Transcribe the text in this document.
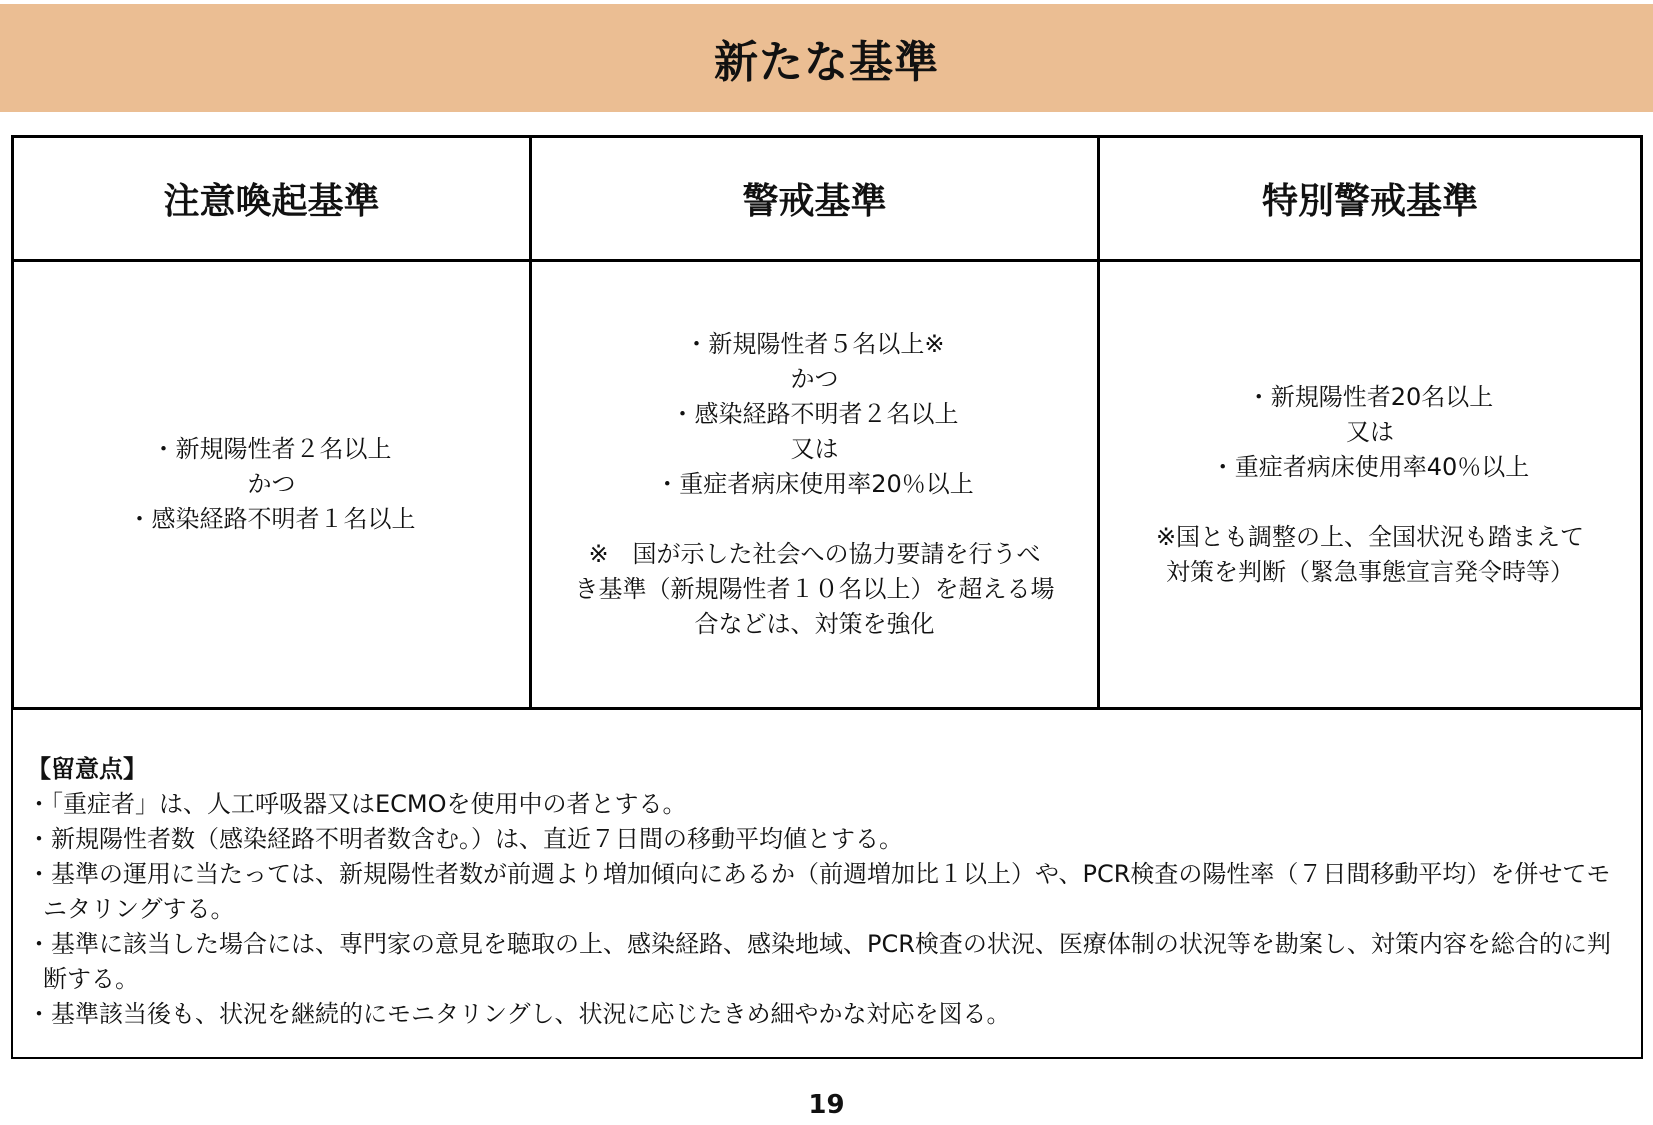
新たな基準
注意喚起基準	警戒基準	特別警戒基準
・新規陽性者２名以上
かつ
・感染経路不明者１名以上
・新規陽性者５名以上※
かつ
・感染経路不明者２名以上
又は
・重症者病床使用率20％以上
※　国が示した社会への協力要請を行うべ
き基準（新規陽性者１０名以上）を超える場
合などは、対策を強化
・新規陽性者20名以上
又は
・重症者病床使用率40％以上
※国とも調整の上、全国状況も踏まえて
対策を判断（緊急事態宣言発令時等）
【留意点】
・「重症者」は、人工呼吸器又はECMOを使用中の者とする。
・新規陽性者数（感染経路不明者数含む。）は、直近７日間の移動平均値とする。
・基準の運用に当たっては、新規陽性者数が前週より増加傾向にあるか（前週増加比１以上）や、PCR検査の陽性率（７日間移動平均）を併せてモニタリングする。
・基準に該当した場合には、専門家の意見を聴取の上、感染経路、感染地域、PCR検査の状況、医療体制の状況等を勘案し、対策内容を総合的に判断する。
・基準該当後も、状況を継続的にモニタリングし、状況に応じたきめ細やかな対応を図る。
19
